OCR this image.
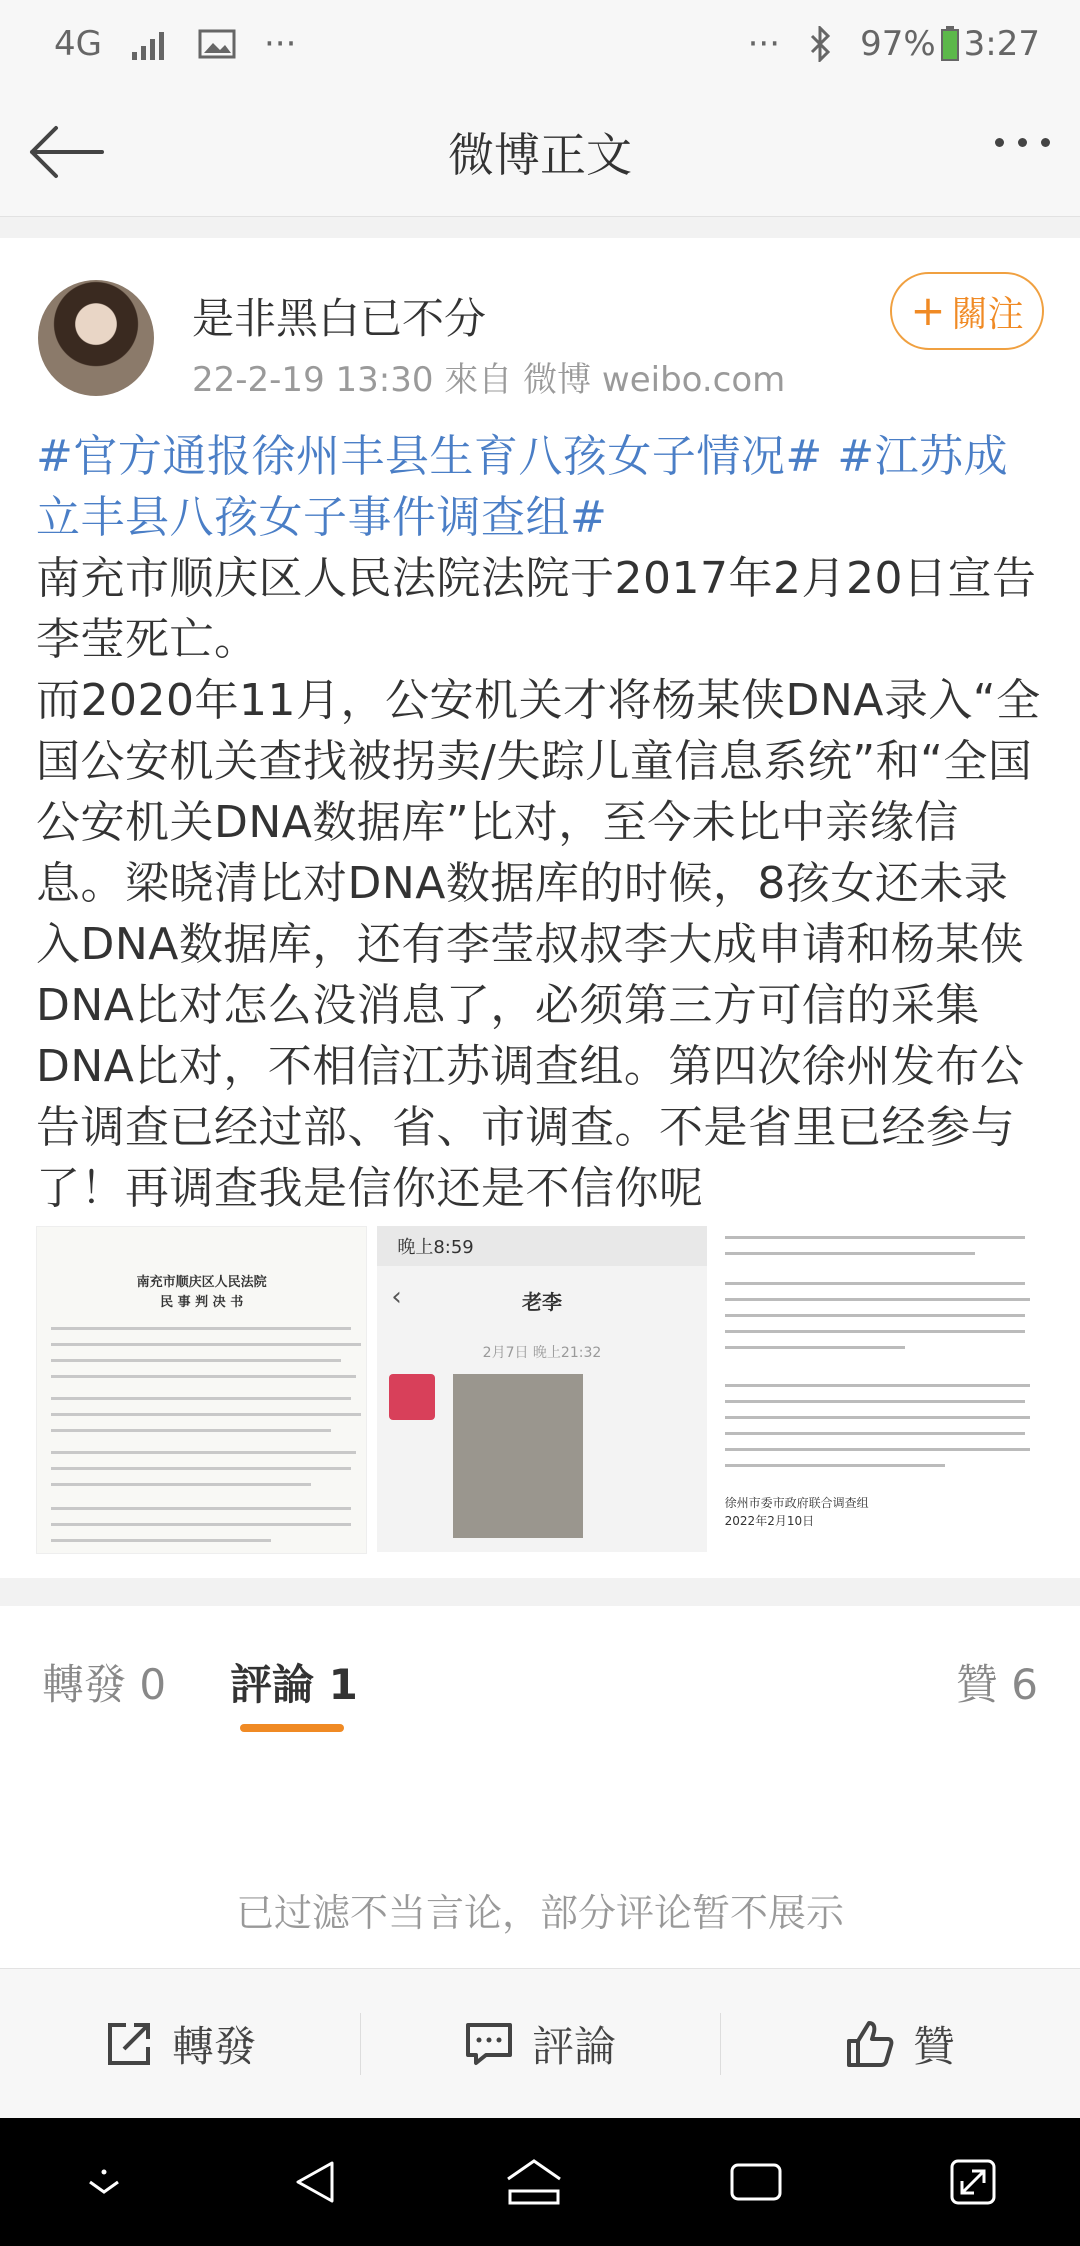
4G	···	··· 97% 3:27
微博正文
是非黑白已不分
22-2-19 13:30 來自 微博 weibo.com
+ 關注

#官方通报徐州丰县生育八孩女子情况# #江苏成立丰县八孩女子事件调查组#

南充市顺庆区人民法院法院于2017年2月20日宣告李莹死亡。

而2020年11月，公安机关才将杨某侠DNA录入“全国公安机关查找被拐卖/失踪儿童信息系统”和“全国公安机关DNA数据库”比对，至今未比中亲缘信息。梁晓清比对DNA数据库的时候，8孩女还未录入DNA数据库，还有李莹叔叔李大成申请和杨某侠DNA比对怎么没消息了，必须第三方可信的采集DNA比对，不相信江苏调查组。第四次徐州发布公告调查已经过部、省、市调查。不是省里已经参与了！再调查我是信你还是不信你呢

南充市顺庆区人民法院
民 事 判 决 书
晚上8:59
‹	老李
2月7日 晚上21:32
徐州市委市政府联合调查组
2022年2月10日
轉發 0 評論 1	贊 6
已过滤不当言论，部分评论暂不展示
轉發	評論	贊
